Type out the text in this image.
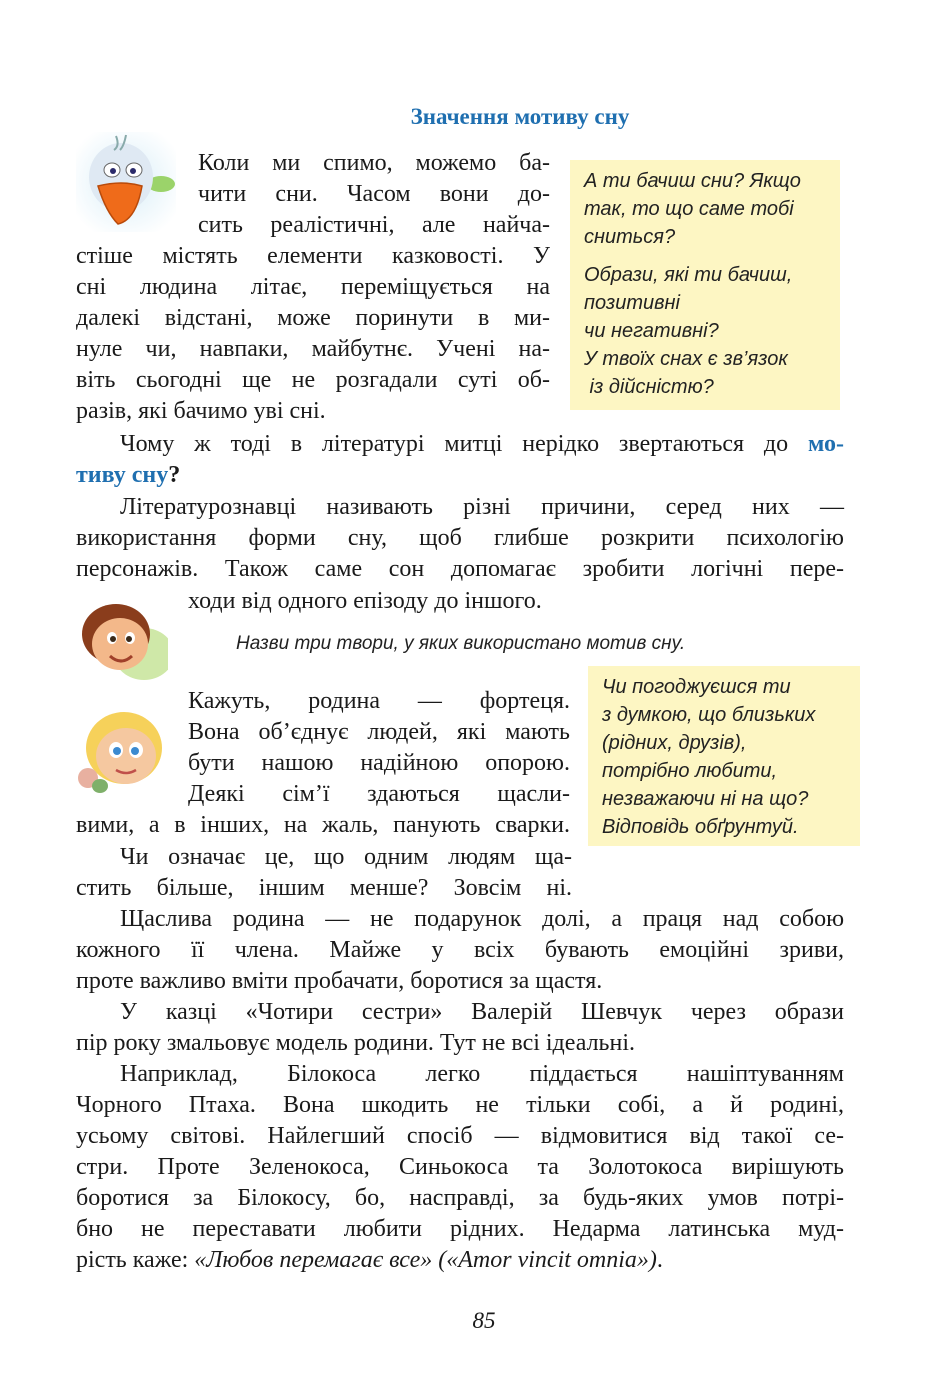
Значення мотиву сну
Коли ми спимо, можемо ба-
чити сни. Часом вони до-
сить реалістичні, але найча-
стіше містять елементи казковості. У
сні людина літає, переміщується на
далекі відстані, може поринути в ми-
нуле чи, навпаки, майбутнє. Учені на-
віть сьогодні ще не розгадали суті об-
разів, які бачимо уві сні.
А ти бачиш сни? Якщо
так, то що саме тобі
сниться?
Образи, які ти бачиш,
позитивні
чи негативні?
У твоїх снах є зв’язок
із дійсністю?
Чому ж тоді в літературі митці нерідко звертаються до мо-
тиву сну?
Літературознавці називають різні причини, серед них —
використання форми сну, щоб глибше розкрити психологію
персонажів. Також саме сон допомагає зробити логічні пере-
ходи від одного епізоду до іншого.
Назви три твори, у яких використано мотив сну.
Кажуть, родина — фортеця.
Вона об’єднує людей, які мають
бути нашою надійною опорою.
Деякі сім’ї здаються щасли-
вими, а в інших, на жаль, панують сварки.
Чи погоджуєшся ти
з думкою, що близьких
(рідних, друзів),
потрібно любити,
незважаючи ні на що?
Відповідь обґрунтуй.
Чи означає це, що одним людям ща-
стить більше, іншим менше? Зовсім ні.
Щаслива родина — не подарунок долі, а праця над собою
кожного її члена. Майже у всіх бувають емоційні зриви,
проте важливо вміти пробачати, боротися за щастя.
У казці «Чотири сестри» Валерій Шевчук через образи
пір року змальовує модель родини. Тут не всі ідеальні.
Наприклад, Білокоса легко піддається нашіптуванням
Чорного Птаха. Вона шкодить не тільки собі, а й родині,
усьому світові. Найлегший спосіб — відмовитися від такої се-
стри. Проте Зеленокоса, Синьокоса та Золотокоса вирішують
боротися за Білокосу, бо, насправді, за будь-яких умов потрі-
бно не переставати любити рідних. Недарма латинська муд-
рість каже: «Любов перемагає все» («Amor vincit omnia»).
85
